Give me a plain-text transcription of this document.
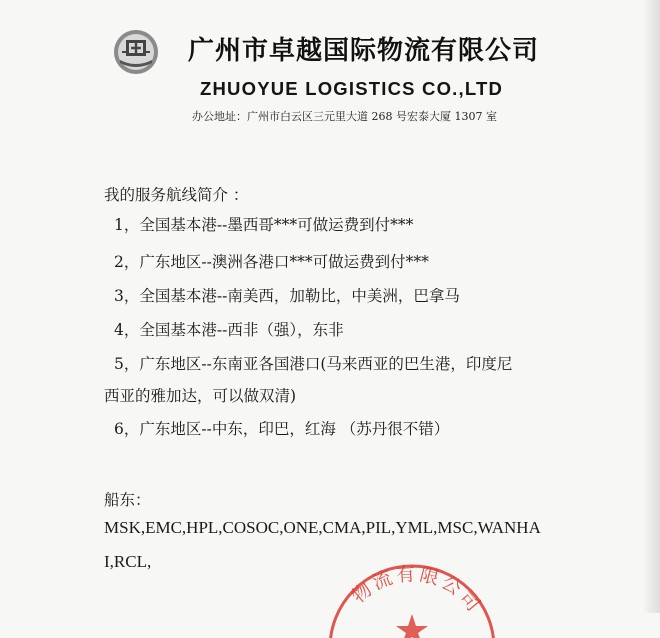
广州市卓越国际物流有限公司
ZHUOYUE LOGISTICS CO.,LTD
办公地址：广州市白云区三元里大道 268 号宏泰大厦 1307 室
我的服务航线简介 ：
1，全国基本港--墨西哥***可做运费到付***
2，广东地区--澳洲各港口***可做运费到付***
3，全国基本港--南美西，加勒比，中美洲，巴拿马
4，全国基本港--西非（强），东非
5，广东地区--东南亚各国港口(马来西亚的巴生港，印度尼
西亚的雅加达，可以做双清)
6，广东地区--中东，印巴，红海 （苏丹很不错）
船东：
MSK,EMC,HPL,COSOC,ONE,CMA,PIL,YML,MSC,WANHA
I,RCL,
物流有限公司
